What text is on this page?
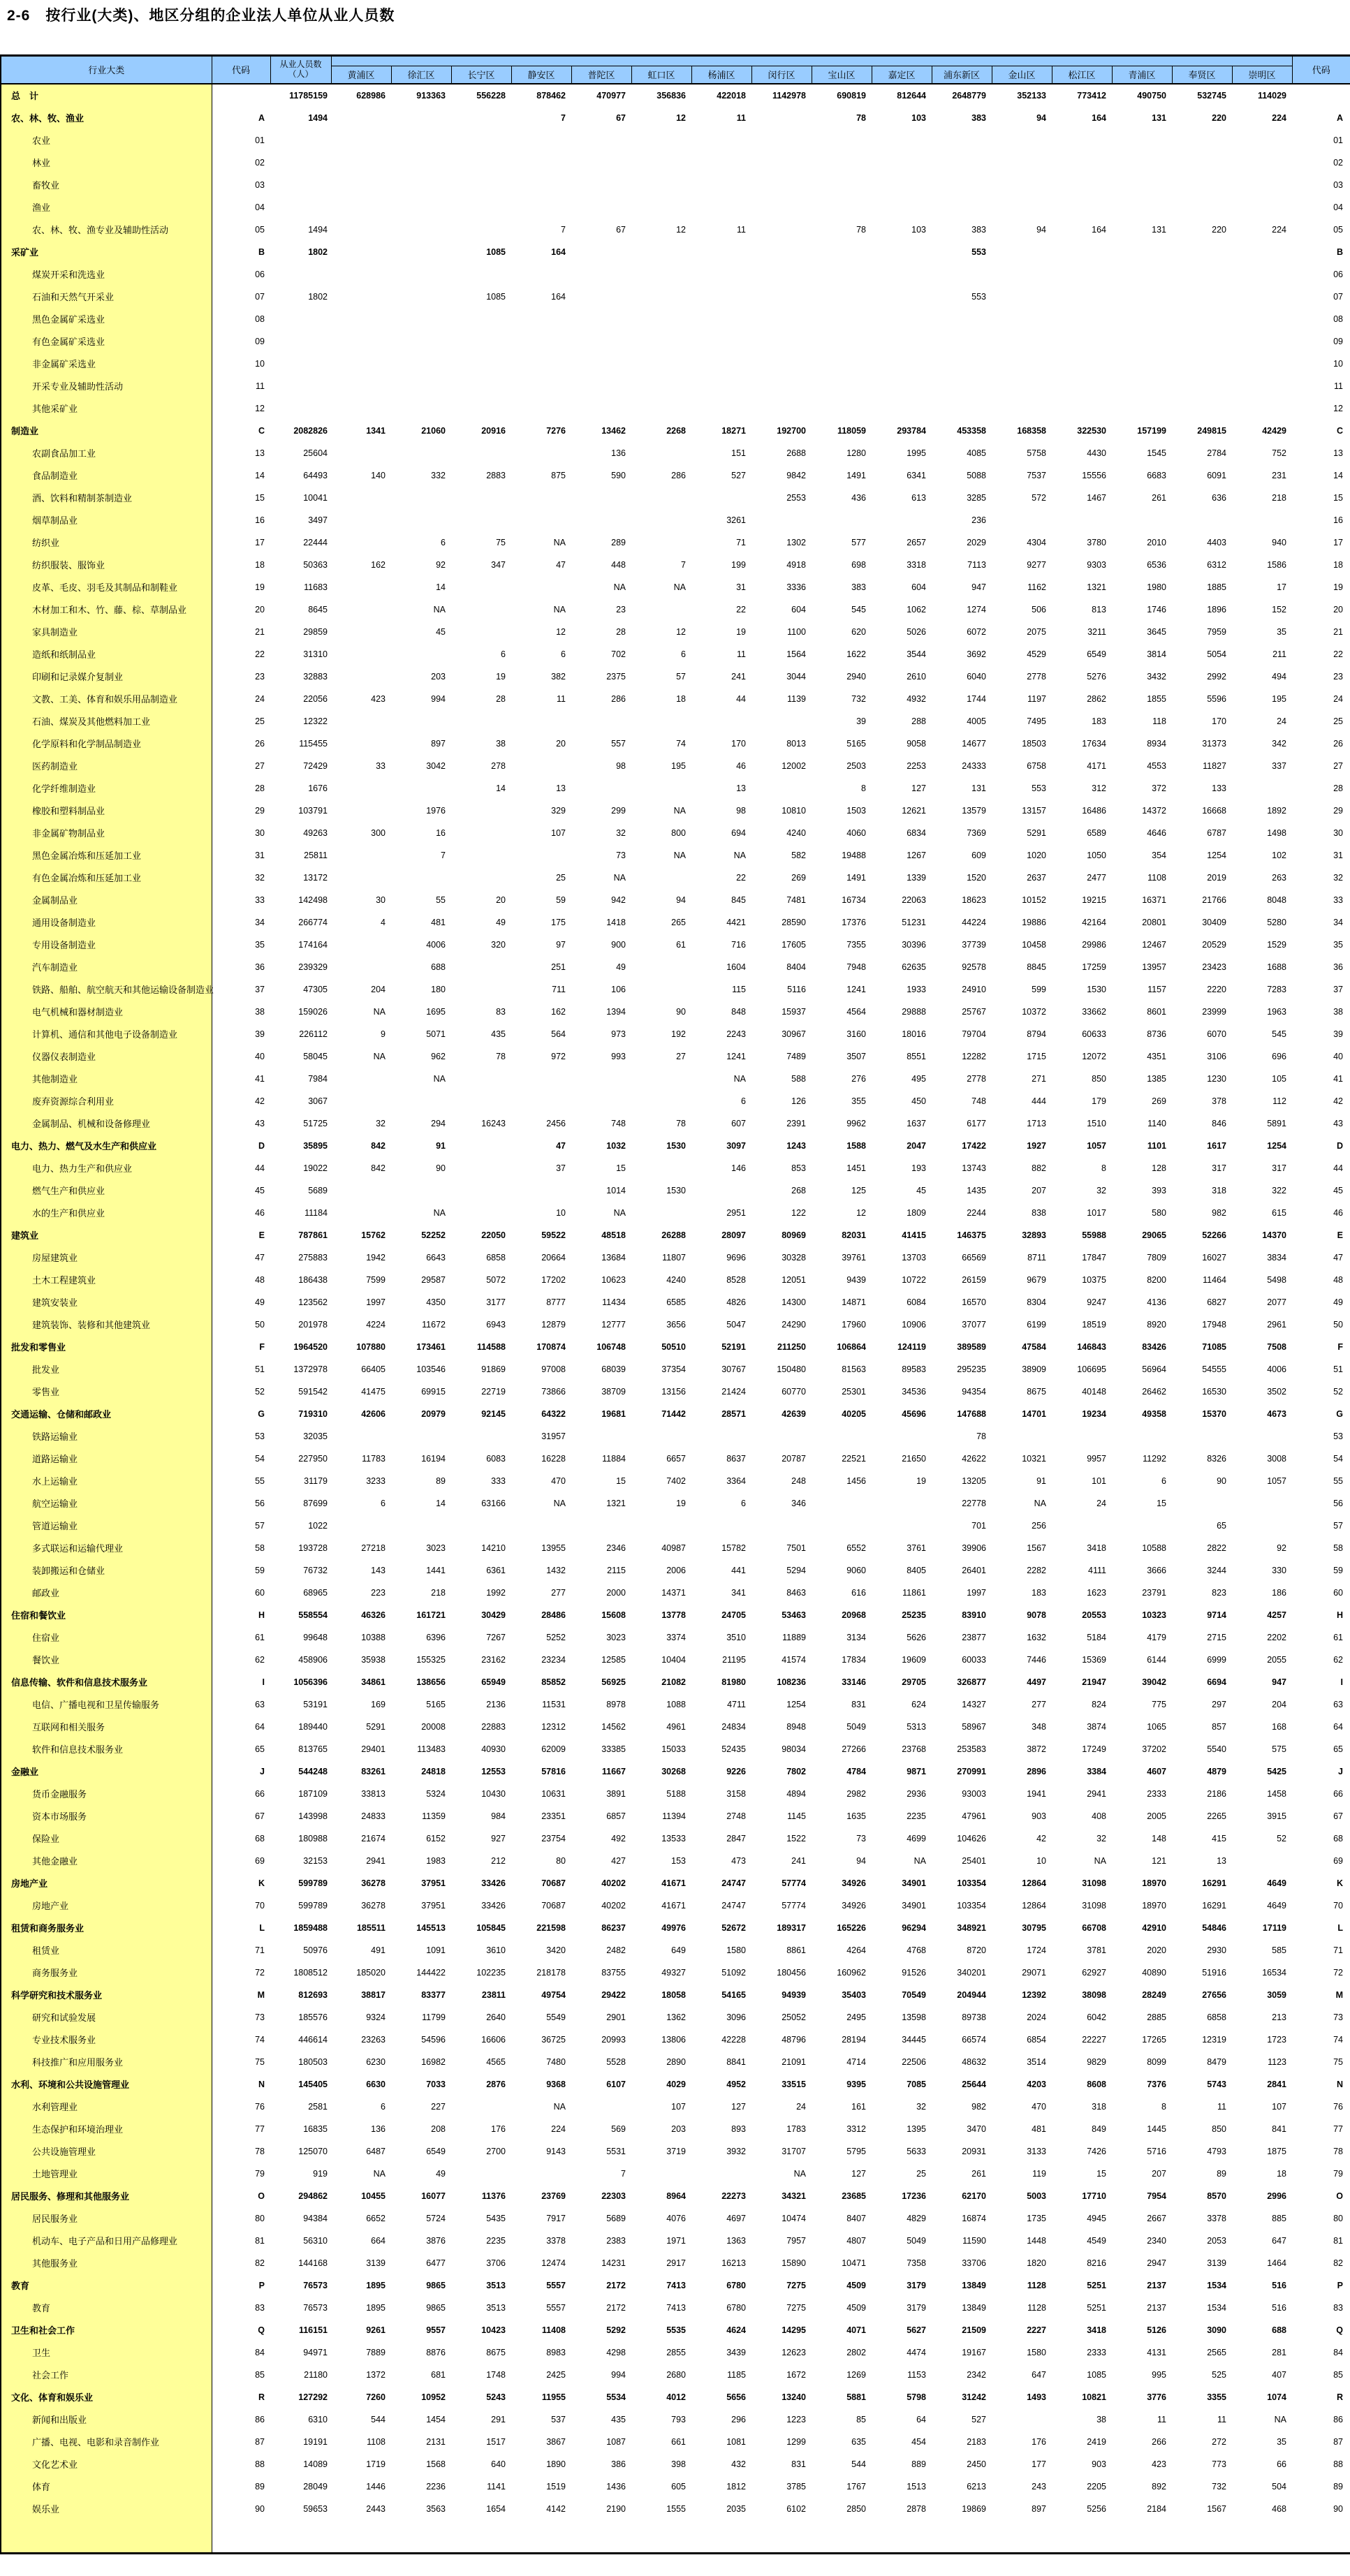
2-6　按行业(大类)、地区分组的企业法人单位从业人员数
行业大类	代码	从业人员数
（人）																	代码
			黄浦区	徐汇区	长宁区	静安区	普陀区	虹口区	杨浦区	闵行区	宝山区	嘉定区	浦东新区	金山区	松江区	青浦区	奉贤区	崇明区	
总　计		11785159	628986	913363	556228	878462	470977	356836	422018	1142978	690819	812644	2648779	352133	773412	490750	532745	114029	
农、林、牧、渔业	A	1494				7	67	12	11		78	103	383	94	164	131	220	224	A
农业	01																		01
林业	02																		02
畜牧业	03																		03
渔业	04																		04
农、林、牧、渔专业及辅助性活动	05	1494				7	67	12	11		78	103	383	94	164	131	220	224	05
采矿业	B	1802			1085	164							553						B
煤炭开采和洗选业	06																		06
石油和天然气开采业	07	1802			1085	164							553						07
黑色金属矿采选业	08																		08
有色金属矿采选业	09																		09
非金属矿采选业	10																		10
开采专业及辅助性活动	11																		11
其他采矿业	12																		12
制造业	C	2082826	1341	21060	20916	7276	13462	2268	18271	192700	118059	293784	453358	168358	322530	157199	249815	42429	C
农副食品加工业	13	25604					136		151	2688	1280	1995	4085	5758	4430	1545	2784	752	13
食品制造业	14	64493	140	332	2883	875	590	286	527	9842	1491	6341	5088	7537	15556	6683	6091	231	14
酒、饮料和精制茶制造业	15	10041								2553	436	613	3285	572	1467	261	636	218	15
烟草制品业	16	3497							3261				236						16
纺织业	17	22444		6	75	NA	289		71	1302	577	2657	2029	4304	3780	2010	4403	940	17
纺织服装、服饰业	18	50363	162	92	347	47	448	7	199	4918	698	3318	7113	9277	9303	6536	6312	1586	18
皮革、毛皮、羽毛及其制品和制鞋业	19	11683		14			NA	NA	31	3336	383	604	947	1162	1321	1980	1885	17	19
木材加工和木、竹、藤、棕、草制品业	20	8645		NA		NA	23		22	604	545	1062	1274	506	813	1746	1896	152	20
家具制造业	21	29859		45		12	28	12	19	1100	620	5026	6072	2075	3211	3645	7959	35	21
造纸和纸制品业	22	31310			6	6	702	6	11	1564	1622	3544	3692	4529	6549	3814	5054	211	22
印刷和记录媒介复制业	23	32883		203	19	382	2375	57	241	3044	2940	2610	6040	2778	5276	3432	2992	494	23
文教、工美、体育和娱乐用品制造业	24	22056	423	994	28	11	286	18	44	1139	732	4932	1744	1197	2862	1855	5596	195	24
石油、煤炭及其他燃料加工业	25	12322									39	288	4005	7495	183	118	170	24	25
化学原料和化学制品制造业	26	115455		897	38	20	557	74	170	8013	5165	9058	14677	18503	17634	8934	31373	342	26
医药制造业	27	72429	33	3042	278		98	195	46	12002	2503	2253	24333	6758	4171	4553	11827	337	27
化学纤维制造业	28	1676			14	13			13		8	127	131	553	312	372	133		28
橡胶和塑料制品业	29	103791		1976		329	299	NA	98	10810	1503	12621	13579	13157	16486	14372	16668	1892	29
非金属矿物制品业	30	49263	300	16		107	32	800	694	4240	4060	6834	7369	5291	6589	4646	6787	1498	30
黑色金属冶炼和压延加工业	31	25811		7			73	NA	NA	582	19488	1267	609	1020	1050	354	1254	102	31
有色金属冶炼和压延加工业	32	13172				25	NA		22	269	1491	1339	1520	2637	2477	1108	2019	263	32
金属制品业	33	142498	30	55	20	59	942	94	845	7481	16734	22063	18623	10152	19215	16371	21766	8048	33
通用设备制造业	34	266774	4	481	49	175	1418	265	4421	28590	17376	51231	44224	19886	42164	20801	30409	5280	34
专用设备制造业	35	174164		4006	320	97	900	61	716	17605	7355	30396	37739	10458	29986	12467	20529	1529	35
汽车制造业	36	239329		688		251	49		1604	8404	7948	62635	92578	8845	17259	13957	23423	1688	36
铁路、船舶、航空航天和其他运输设备制造业	37	47305	204	180		711	106		115	5116	1241	1933	24910	599	1530	1157	2220	7283	37
电气机械和器材制造业	38	159026	NA	1695	83	162	1394	90	848	15937	4564	29888	25767	10372	33662	8601	23999	1963	38
计算机、通信和其他电子设备制造业	39	226112	9	5071	435	564	973	192	2243	30967	3160	18016	79704	8794	60633	8736	6070	545	39
仪器仪表制造业	40	58045	NA	962	78	972	993	27	1241	7489	3507	8551	12282	1715	12072	4351	3106	696	40
其他制造业	41	7984		NA					NA	588	276	495	2778	271	850	1385	1230	105	41
废弃资源综合利用业	42	3067							6	126	355	450	748	444	179	269	378	112	42
金属制品、机械和设备修理业	43	51725	32	294	16243	2456	748	78	607	2391	9962	1637	6177	1713	1510	1140	846	5891	43
电力、热力、燃气及水生产和供应业	D	35895	842	91		47	1032	1530	3097	1243	1588	2047	17422	1927	1057	1101	1617	1254	D
电力、热力生产和供应业	44	19022	842	90		37	15		146	853	1451	193	13743	882	8	128	317	317	44
燃气生产和供应业	45	5689					1014	1530		268	125	45	1435	207	32	393	318	322	45
水的生产和供应业	46	11184		NA		10	NA		2951	122	12	1809	2244	838	1017	580	982	615	46
建筑业	E	787861	15762	52252	22050	59522	48518	26288	28097	80969	82031	41415	146375	32893	55988	29065	52266	14370	E
房屋建筑业	47	275883	1942	6643	6858	20664	13684	11807	9696	30328	39761	13703	66569	8711	17847	7809	16027	3834	47
土木工程建筑业	48	186438	7599	29587	5072	17202	10623	4240	8528	12051	9439	10722	26159	9679	10375	8200	11464	5498	48
建筑安装业	49	123562	1997	4350	3177	8777	11434	6585	4826	14300	14871	6084	16570	8304	9247	4136	6827	2077	49
建筑装饰、装修和其他建筑业	50	201978	4224	11672	6943	12879	12777	3656	5047	24290	17960	10906	37077	6199	18519	8920	17948	2961	50
批发和零售业	F	1964520	107880	173461	114588	170874	106748	50510	52191	211250	106864	124119	389589	47584	146843	83426	71085	7508	F
批发业	51	1372978	66405	103546	91869	97008	68039	37354	30767	150480	81563	89583	295235	38909	106695	56964	54555	4006	51
零售业	52	591542	41475	69915	22719	73866	38709	13156	21424	60770	25301	34536	94354	8675	40148	26462	16530	3502	52
交通运输、仓储和邮政业	G	719310	42606	20979	92145	64322	19681	71442	28571	42639	40205	45696	147688	14701	19234	49358	15370	4673	G
铁路运输业	53	32035				31957							78						53
道路运输业	54	227950	11783	16194	6083	16228	11884	6657	8637	20787	22521	21650	42622	10321	9957	11292	8326	3008	54
水上运输业	55	31179	3233	89	333	470	15	7402	3364	248	1456	19	13205	91	101	6	90	1057	55
航空运输业	56	87699	6	14	63166	NA	1321	19	6	346			22778	NA	24	15			56
管道运输业	57	1022											701	256			65		57
多式联运和运输代理业	58	193728	27218	3023	14210	13955	2346	40987	15782	7501	6552	3761	39906	1567	3418	10588	2822	92	58
装卸搬运和仓储业	59	76732	143	1441	6361	1432	2115	2006	441	5294	9060	8405	26401	2282	4111	3666	3244	330	59
邮政业	60	68965	223	218	1992	277	2000	14371	341	8463	616	11861	1997	183	1623	23791	823	186	60
住宿和餐饮业	H	558554	46326	161721	30429	28486	15608	13778	24705	53463	20968	25235	83910	9078	20553	10323	9714	4257	H
住宿业	61	99648	10388	6396	7267	5252	3023	3374	3510	11889	3134	5626	23877	1632	5184	4179	2715	2202	61
餐饮业	62	458906	35938	155325	23162	23234	12585	10404	21195	41574	17834	19609	60033	7446	15369	6144	6999	2055	62
信息传输、软件和信息技术服务业	I	1056396	34861	138656	65949	85852	56925	21082	81980	108236	33146	29705	326877	4497	21947	39042	6694	947	I
电信、广播电视和卫星传输服务	63	53191	169	5165	2136	11531	8978	1088	4711	1254	831	624	14327	277	824	775	297	204	63
互联网和相关服务	64	189440	5291	20008	22883	12312	14562	4961	24834	8948	5049	5313	58967	348	3874	1065	857	168	64
软件和信息技术服务业	65	813765	29401	113483	40930	62009	33385	15033	52435	98034	27266	23768	253583	3872	17249	37202	5540	575	65
金融业	J	544248	83261	24818	12553	57816	11667	30268	9226	7802	4784	9871	270991	2896	3384	4607	4879	5425	J
货币金融服务	66	187109	33813	5324	10430	10631	3891	5188	3158	4894	2982	2936	93003	1941	2941	2333	2186	1458	66
资本市场服务	67	143998	24833	11359	984	23351	6857	11394	2748	1145	1635	2235	47961	903	408	2005	2265	3915	67
保险业	68	180988	21674	6152	927	23754	492	13533	2847	1522	73	4699	104626	42	32	148	415	52	68
其他金融业	69	32153	2941	1983	212	80	427	153	473	241	94	NA	25401	10	NA	121	13		69
房地产业	K	599789	36278	37951	33426	70687	40202	41671	24747	57774	34926	34901	103354	12864	31098	18970	16291	4649	K
房地产业	70	599789	36278	37951	33426	70687	40202	41671	24747	57774	34926	34901	103354	12864	31098	18970	16291	4649	70
租赁和商务服务业	L	1859488	185511	145513	105845	221598	86237	49976	52672	189317	165226	96294	348921	30795	66708	42910	54846	17119	L
租赁业	71	50976	491	1091	3610	3420	2482	649	1580	8861	4264	4768	8720	1724	3781	2020	2930	585	71
商务服务业	72	1808512	185020	144422	102235	218178	83755	49327	51092	180456	160962	91526	340201	29071	62927	40890	51916	16534	72
科学研究和技术服务业	M	812693	38817	83377	23811	49754	29422	18058	54165	94939	35403	70549	204944	12392	38098	28249	27656	3059	M
研究和试验发展	73	185576	9324	11799	2640	5549	2901	1362	3096	25052	2495	13598	89738	2024	6042	2885	6858	213	73
专业技术服务业	74	446614	23263	54596	16606	36725	20993	13806	42228	48796	28194	34445	66574	6854	22227	17265	12319	1723	74
科技推广和应用服务业	75	180503	6230	16982	4565	7480	5528	2890	8841	21091	4714	22506	48632	3514	9829	8099	8479	1123	75
水利、环境和公共设施管理业	N	145405	6630	7033	2876	9368	6107	4029	4952	33515	9395	7085	25644	4203	8608	7376	5743	2841	N
水利管理业	76	2581	6	227		NA		107	127	24	161	32	982	470	318	8	11	107	76
生态保护和环境治理业	77	16835	136	208	176	224	569	203	893	1783	3312	1395	3470	481	849	1445	850	841	77
公共设施管理业	78	125070	6487	6549	2700	9143	5531	3719	3932	31707	5795	5633	20931	3133	7426	5716	4793	1875	78
土地管理业	79	919	NA	49			7			NA	127	25	261	119	15	207	89	18	79
居民服务、修理和其他服务业	O	294862	10455	16077	11376	23769	22303	8964	22273	34321	23685	17236	62170	5003	17710	7954	8570	2996	O
居民服务业	80	94384	6652	5724	5435	7917	5689	4076	4697	10474	8407	4829	16874	1735	4945	2667	3378	885	80
机动车、电子产品和日用产品修理业	81	56310	664	3876	2235	3378	2383	1971	1363	7957	4807	5049	11590	1448	4549	2340	2053	647	81
其他服务业	82	144168	3139	6477	3706	12474	14231	2917	16213	15890	10471	7358	33706	1820	8216	2947	3139	1464	82
教育	P	76573	1895	9865	3513	5557	2172	7413	6780	7275	4509	3179	13849	1128	5251	2137	1534	516	P
教育	83	76573	1895	9865	3513	5557	2172	7413	6780	7275	4509	3179	13849	1128	5251	2137	1534	516	83
卫生和社会工作	Q	116151	9261	9557	10423	11408	5292	5535	4624	14295	4071	5627	21509	2227	3418	5126	3090	688	Q
卫生	84	94971	7889	8876	8675	8983	4298	2855	3439	12623	2802	4474	19167	1580	2333	4131	2565	281	84
社会工作	85	21180	1372	681	1748	2425	994	2680	1185	1672	1269	1153	2342	647	1085	995	525	407	85
文化、体育和娱乐业	R	127292	7260	10952	5243	11955	5534	4012	5656	13240	5881	5798	31242	1493	10821	3776	3355	1074	R
新闻和出版业	86	6310	544	1454	291	537	435	793	296	1223	85	64	527		38	11	11	NA	86
广播、电视、电影和录音制作业	87	19191	1108	2131	1517	3867	1087	661	1081	1299	635	454	2183	176	2419	266	272	35	87
文化艺术业	88	14089	1719	1568	640	1890	386	398	432	831	544	889	2450	177	903	423	773	66	88
体育	89	28049	1446	2236	1141	1519	1436	605	1812	3785	1767	1513	6213	243	2205	892	732	504	89
娱乐业	90	59653	2443	3563	1654	4142	2190	1555	2035	6102	2850	2878	19869	897	5256	2184	1567	468	90
